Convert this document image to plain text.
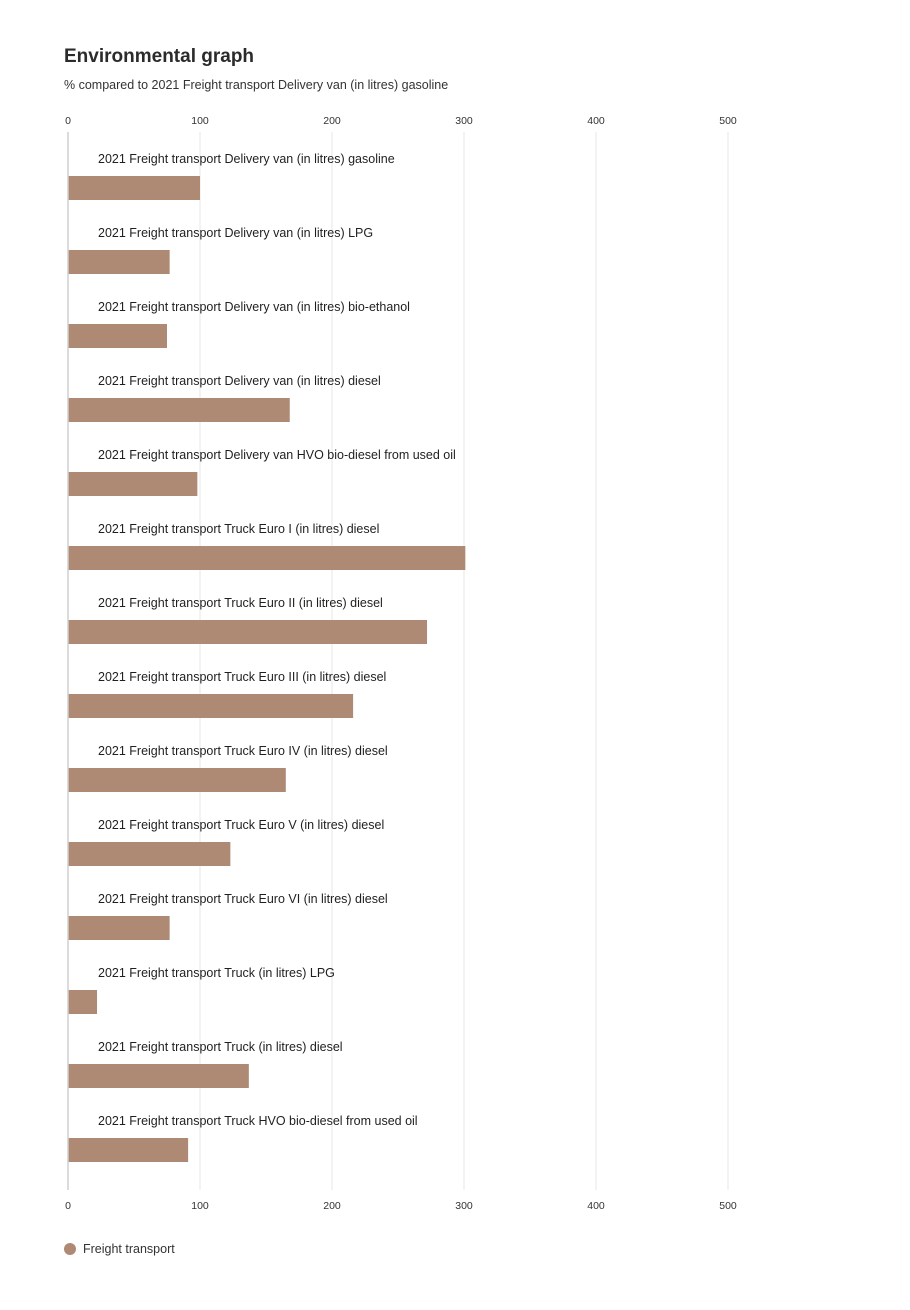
Environmental graph

% compared to 2021 Freight transport Delivery van (in litres) gasoline

0
0
100
100
200
200
300
300
400
400
500
500
2021 Freight transport Delivery van (in litres) gasoline
2021 Freight transport Delivery van (in litres) LPG
2021 Freight transport Delivery van (in litres) bio-ethanol
2021 Freight transport Delivery van (in litres) diesel
2021 Freight transport Delivery van HVO bio-diesel from used oil
2021 Freight transport Truck Euro I (in litres) diesel
2021 Freight transport Truck Euro II (in litres) diesel
2021 Freight transport Truck Euro III (in litres) diesel
2021 Freight transport Truck Euro IV (in litres) diesel
2021 Freight transport Truck Euro V (in litres) diesel
2021 Freight transport Truck Euro VI (in litres) diesel
2021 Freight transport Truck (in litres) LPG
2021 Freight transport Truck (in litres) diesel
2021 Freight transport Truck HVO bio-diesel from used oil
Freight transport
